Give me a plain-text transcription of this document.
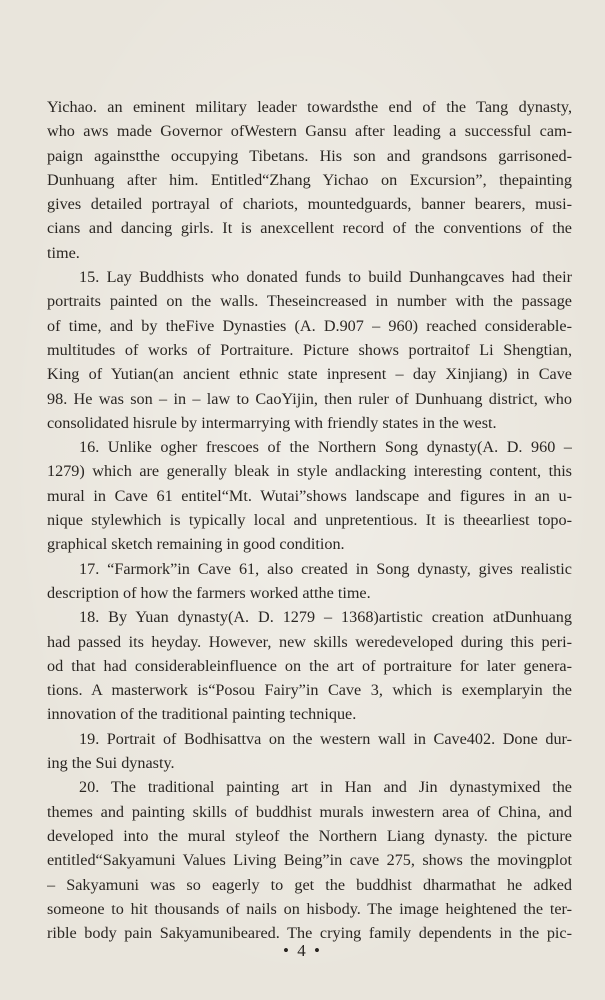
Yichao. an eminent military leader towardsthe end of the Tang dynasty,
who aws made Governor ofWestern Gansu after leading a successful cam-
paign againstthe occupying Tibetans. His son and grandsons garrisoned-
Dunhuang after him. Entitled“Zhang Yichao on Excursion”, thepainting
gives detailed portrayal of chariots, mountedguards, banner bearers, musi-
cians and dancing girls. It is anexcellent record of the conventions of the
time.
15. Lay Buddhists who donated funds to build Dunhangcaves had their
portraits painted on the walls. Theseincreased in number with the passage
of time, and by theFive Dynasties (A. D.907 – 960) reached considerable-
multitudes of works of Portraiture. Picture shows portraitof Li Shengtian,
King of Yutian(an ancient ethnic state inpresent – day Xinjiang) in Cave
98. He was son – in – law to CaoYijin, then ruler of Dunhuang district, who
consolidated hisrule by intermarrying with friendly states in the west.
16. Unlike ogher frescoes of the Northern Song dynasty(A. D. 960 –
1279) which are generally bleak in style andlacking interesting content, this
mural in Cave 61 entitel“Mt. Wutai”shows landscape and figures in an u-
nique stylewhich is typically local and unpretentious. It is theearliest topo-
graphical sketch remaining in good condition.
17. “Farmork”in Cave 61, also created in Song dynasty, gives realistic
description of how the farmers worked atthe time.
18. By Yuan dynasty(A. D. 1279 – 1368)artistic creation atDunhuang
had passed its heyday. However, new skills weredeveloped during this peri-
od that had considerableinfluence on the art of portraiture for later genera-
tions. A masterwork is“Posou Fairy”in Cave 3, which is exemplaryin the
innovation of the traditional painting technique.
19. Portrait of Bodhisattva on the western wall in Cave402. Done dur-
ing the Sui dynasty.
20. The traditional painting art in Han and Jin dynastymixed the
themes and painting skills of buddhist murals inwestern area of China, and
developed into the mural styleof the Northern Liang dynasty. the picture
entitled“Sakyamuni Values Living Being”in cave 275, shows the movingplot
– Sakyamuni was so eagerly to get the buddhist dharmathat he adked
someone to hit thousands of nails on hisbody. The image heightened the ter-
rible body pain Sakyamunibeared. The crying family dependents in the pic-
• 4 •
